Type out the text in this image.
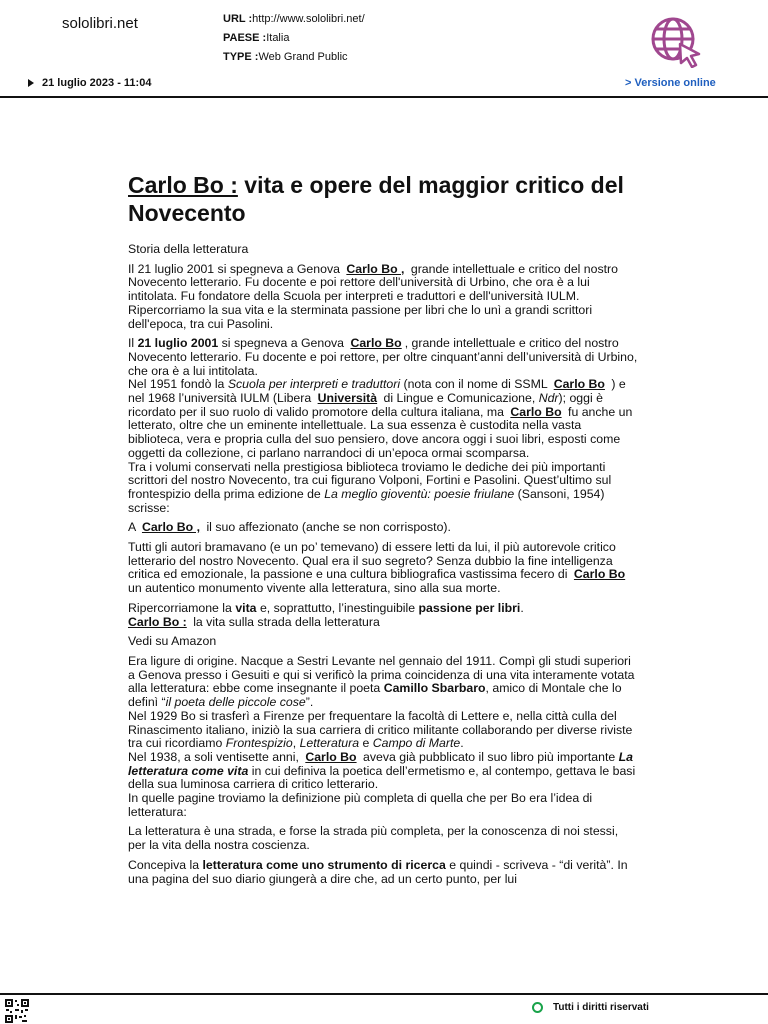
sololibri.net	URL :http://www.sololibri.net/
PAESE :Italia
TYPE :Web Grand Public
21 luglio 2023 - 11:04	> Versione online
Carlo Bo : vita e opere del maggior critico del Novecento

Storia della letteratura

Il 21 luglio 2001 si spegneva a Genova Carlo Bo , grande intellettuale e critico del nostro Novecento letterario. Fu docente e poi rettore dell'università di Urbino, che ora è a lui intitolata. Fu fondatore della Scuola per interpreti e traduttori e dell'università IULM. Ripercorriamo la sua vita e la sterminata passione per libri che lo unì a grandi scrittori dell'epoca, tra cui Pasolini.

Il 21 luglio 2001 si spegneva a Genova Carlo Bo , grande intellettuale e critico del nostro Novecento letterario. Fu docente e poi rettore, per oltre cinquant’anni dell’università di Urbino, che ora è a lui intitolata.
Nel 1951 fondò la Scuola per interpreti e traduttori (nota con il nome di SSML Carlo Bo ) e nel 1968 l’università IULM (Libera Università di Lingue e Comunicazione, Ndr); oggi è ricordato per il suo ruolo di valido promotore della cultura italiana, ma Carlo Bo fu anche un letterato, oltre che un eminente intellettuale. La sua essenza è custodita nella vasta biblioteca, vera e propria culla del suo pensiero, dove ancora oggi i suoi libri, esposti come oggetti da collezione, ci parlano narrandoci di un’epoca ormai scomparsa.
Tra i volumi conservati nella prestigiosa biblioteca troviamo le dediche dei più importanti scrittori del nostro Novecento, tra cui figurano Volponi, Fortini e Pasolini. Quest’ultimo sul frontespizio della prima edizione de La meglio gioventù: poesie friulane (Sansoni, 1954) scrisse:

A Carlo Bo , il suo affezionato (anche se non corrisposto).

Tutti gli autori bramavano (e un po’ temevano) di essere letti da lui, il più autorevole critico letterario del nostro Novecento. Qual era il suo segreto? Senza dubbio la fine intelligenza critica ed emozionale, la passione e una cultura bibliografica vastissima fecero di Carlo Bo un autentico monumento vivente alla letteratura, sino alla sua morte.

Ripercorriamone la vita e, soprattutto, l’inestinguibile passione per libri.
Carlo Bo : la vita sulla strada della letteratura

Vedi su Amazon

Era ligure di origine. Nacque a Sestri Levante nel gennaio del 1911. Compì gli studi superiori a Genova presso i Gesuiti e qui si verificò la prima coincidenza di una vita interamente votata alla letteratura: ebbe come insegnante il poeta Camillo Sbarbaro, amico di Montale che lo definì “il poeta delle piccole cose”.
Nel 1929 Bo si trasferì a Firenze per frequentare la facoltà di Lettere e, nella città culla del Rinascimento italiano, iniziò la sua carriera di critico militante collaborando per diverse riviste tra cui ricordiamo Frontespizio, Letteratura e Campo di Marte.
Nel 1938, a soli ventisette anni, Carlo Bo aveva già pubblicato il suo libro più importante La letteratura come vita in cui definiva la poetica dell’ermetismo e, al contempo, gettava le basi della sua luminosa carriera di critico letterario.
In quelle pagine troviamo la definizione più completa di quella che per Bo era l’idea di letteratura:

La letteratura è una strada, e forse la strada più completa, per la conoscenza di noi stessi, per la vita della nostra coscienza.

Concepiva la letteratura come uno strumento di ricerca e quindi - scriveva - “di verità”. In una pagina del suo diario giungerà a dire che, ad un certo punto, per lui

Tutti i diritti riservati
